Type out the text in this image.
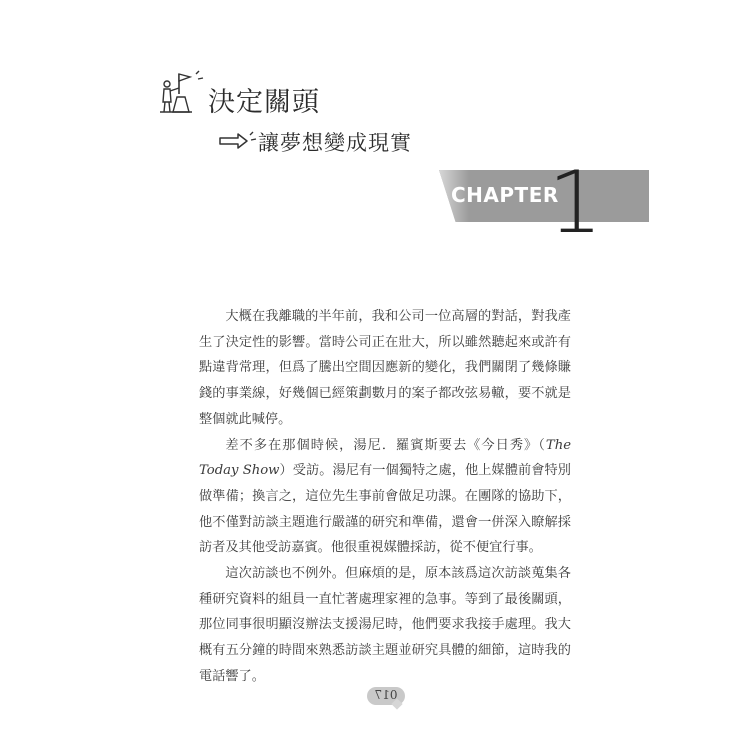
決定關頭
讓夢想變成現實
CHAPTER
1

大概在我離職的半年前，我和公司一位高層的對話，對我產生了決定性的影響。當時公司正在壯大，所以雖然聽起來或許有點違背常理，但爲了騰出空間因應新的變化，我們關閉了幾條賺錢的事業線，好幾個已經策劃數月的案子都改弦易轍，要不就是整個就此喊停。

差不多在那個時候，湯尼．羅賓斯要去《今日秀》（The Today Show）受訪。湯尼有一個獨特之處，他上媒體前會特別做準備；換言之，這位先生事前會做足功課。在團隊的協助下，他不僅對訪談主題進行嚴謹的研究和準備，還會一併深入瞭解採訪者及其他受訪嘉賓。他很重視媒體採訪，從不便宜行事。

這次訪談也不例外。但麻煩的是，原本該爲這次訪談蒐集各種研究資料的組員一直忙著處理家裡的急事。等到了最後關頭，那位同事很明顯沒辦法支援湯尼時，他們要求我接手處理。我大概有五分鐘的時間來熟悉訪談主題並研究具體的細節，這時我的電話響了。

017
